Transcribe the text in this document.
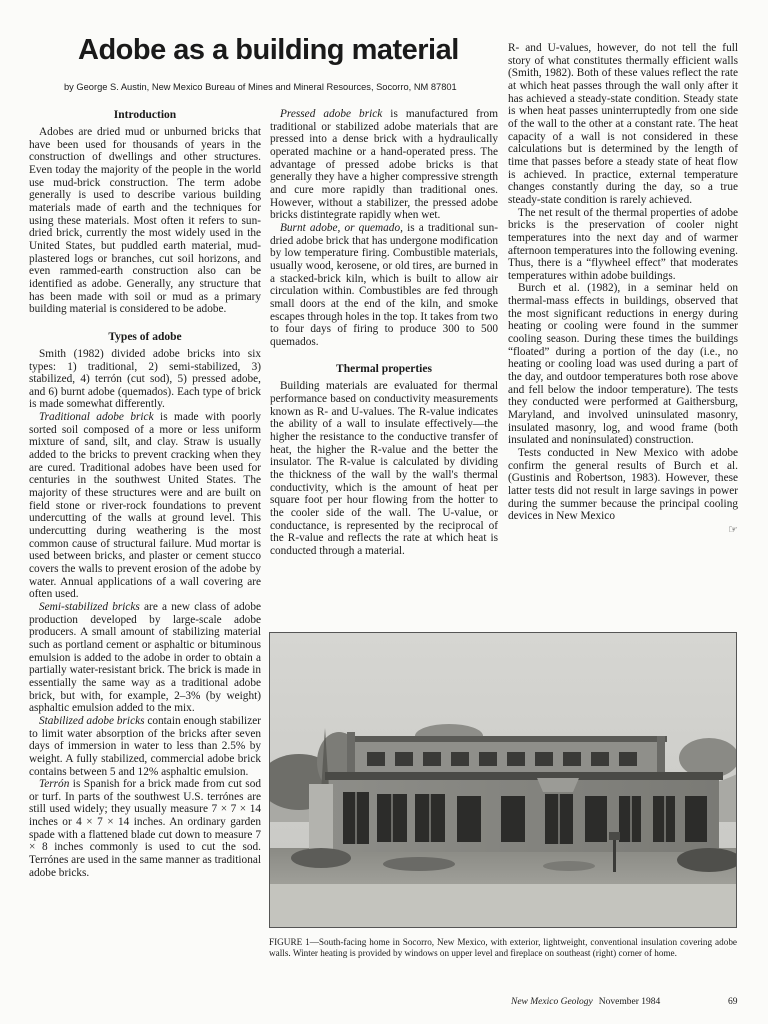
Adobe as a building material
by George S. Austin, New Mexico Bureau of Mines and Mineral Resources, Socorro, NM 87801
Introduction

Adobes are dried mud or unburned bricks that have been used for thousands of years in the construction of dwellings and other structures. Even today the majority of the people in the world use mud-brick construction. The term adobe generally is used to describe various building materials made of earth and the techniques for using these materials. Most often it refers to sun-dried brick, currently the most widely used in the United States, but puddled earth material, mud-plastered logs or branches, cut soil horizons, and even rammed-earth construction also can be identified as adobe. Generally, any structure that has been made with soil or mud as a primary building material is considered to be adobe.

Types of adobe

Smith (1982) divided adobe bricks into six types: 1) traditional, 2) semi-stabilized, 3) stabilized, 4) terrón (cut sod), 5) pressed adobe, and 6) burnt adobe (quemados). Each type of brick is made somewhat differently.

Traditional adobe brick is made with poorly sorted soil composed of a more or less uniform mixture of sand, silt, and clay. Straw is usually added to the bricks to prevent cracking when they are cured. Traditional adobes have been used for centuries in the southwest United States. The majority of these structures were and are built on field stone or river-rock foundations to prevent undercutting of the walls at ground level. This undercutting during weathering is the most common cause of structural failure. Mud mortar is used between bricks, and plaster or cement stucco covers the walls to prevent erosion of the adobe by water. Annual applications of a wall covering are often used.

Semi-stabilized bricks are a new class of adobe production developed by large-scale adobe producers. A small amount of stabilizing material such as portland cement or asphaltic or bituminous emulsion is added to the adobe in order to obtain a partially water-resistant brick. The brick is made in essentially the same way as a traditional adobe brick, but with, for example, 2–3% (by weight) asphaltic emulsion added to the mix.

Stabilized adobe bricks contain enough stabilizer to limit water absorption of the bricks after seven days of immersion in water to less than 2.5% by weight. A fully stabilized, commercial adobe brick contains between 5 and 12% asphaltic emulsion.

Terrón is Spanish for a brick made from cut sod or turf. In parts of the southwest U.S. terrónes are still used widely; they usually measure 7 × 7 × 14 inches or 4 × 7 × 14 inches. An ordinary garden spade with a flattened blade cut down to measure 7 × 8 inches commonly is used to cut the sod. Terrónes are used in the same manner as traditional adobe bricks.

Pressed adobe brick is manufactured from traditional or stabilized adobe materials that are pressed into a dense brick with a hydraulically operated machine or a hand-operated press. The advantage of pressed adobe bricks is that generally they have a higher compressive strength and cure more rapidly than traditional ones. However, without a stabilizer, the pressed adobe bricks distintegrate rapidly when wet.

Burnt adobe, or quemado, is a traditional sun-dried adobe brick that has undergone modification by low temperature firing. Combustible materials, usually wood, kerosene, or old tires, are burned in a stacked-brick kiln, which is built to allow air circulation within. Combustibles are fed through small doors at the end of the kiln, and smoke escapes through holes in the top. It takes from two to four days of firing to produce 300 to 500 quemados.

Thermal properties

Building materials are evaluated for thermal performance based on conductivity measurements known as R- and U-values. The R-value indicates the ability of a wall to insulate effectively—the higher the resistance to the conductive transfer of heat, the higher the R-value and the better the insulator. The R-value is calculated by dividing the thickness of the wall by the wall's thermal conductivity, which is the amount of heat per square foot per hour flowing from the hotter to the cooler side of the wall. The U-value, or conductance, is represented by the reciprocal of the R-value and reflects the rate at which heat is conducted through a material.

R- and U-values, however, do not tell the full story of what constitutes thermally efficient walls (Smith, 1982). Both of these values reflect the rate at which heat passes through the wall only after it has achieved a steady-state condition. Steady state is when heat passes uninterruptedly from one side of the wall to the other at a constant rate. The heat capacity of a wall is not considered in these calculations but is determined by the length of time that passes before a steady state of heat flow is achieved. In practice, external temperature changes constantly during the day, so a true steady-state condition is rarely achieved.

The net result of the thermal properties of adobe bricks is the preservation of cooler night temperatures into the next day and of warmer afternoon temperatures into the following evening. Thus, there is a “flywheel effect” that moderates temperatures within adobe buildings.

Burch et al. (1982), in a seminar held on thermal-mass effects in buildings, observed that the most significant reductions in energy during heating or cooling were found in the summer cooling season. During these times the buildings “floated” during a portion of the day (i.e., no heating or cooling load was used during a part of the day, and outdoor temperatures both rose above and fell below the indoor temperature). The tests they conducted were performed at Gaithersburg, Maryland, and involved uninsulated masonry, insulated masonry, log, and wood frame (both insulated and noninsulated) construction.

Tests conducted in New Mexico with adobe confirm the general results of Burch et al. (Gustinis and Robertson, 1983). However, these latter tests did not result in large savings in power during the summer because the principal cooling devices in New Mexico

☞
FIGURE 1—South-facing home in Socorro, New Mexico, with exterior, lightweight, conventional insulation covering adobe walls. Winter heating is provided by windows on upper level and fireplace on southeast (right) corner of home.
New Mexico Geology November 1984	69
